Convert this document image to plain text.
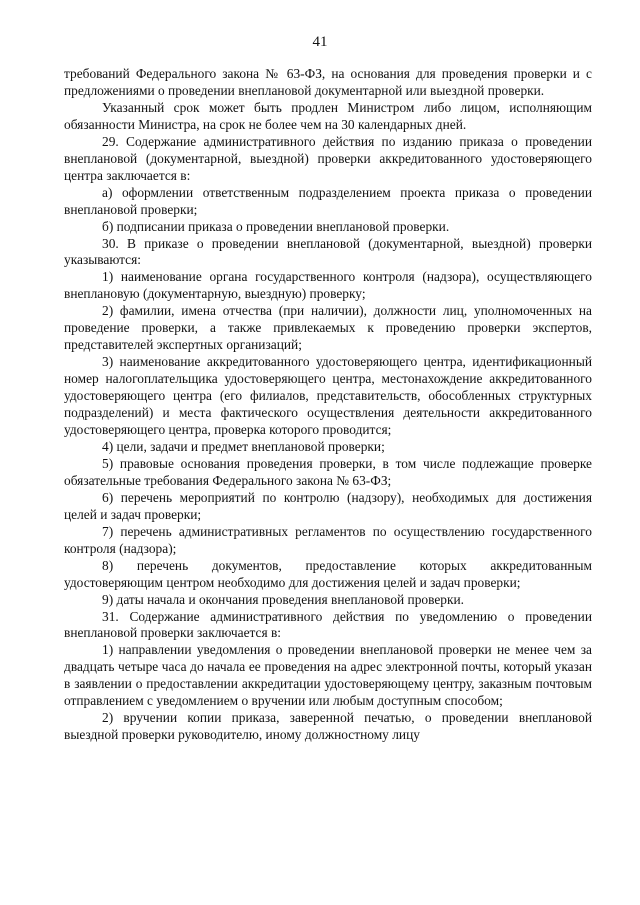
41

требований Федерального закона № 63-ФЗ, на основания для проведения проверки и с предложениями о проведении внеплановой документарной или выездной проверки.

Указанный срок может быть продлен Министром либо лицом, исполняющим обязанности Министра, на срок не более чем на 30 календарных дней.

29. Содержание административного действия по изданию приказа о проведении внеплановой (документарной, выездной) проверки аккредитованного удостоверяющего центра заключается в:

а) оформлении ответственным подразделением проекта приказа о проведении внеплановой проверки;

б) подписании приказа о проведении внеплановой проверки.

30. В приказе о проведении внеплановой (документарной, выездной) проверки указываются:

1) наименование органа государственного контроля (надзора), осуществляющего внеплановую (документарную, выездную) проверку;

2) фамилии, имена отчества (при наличии), должности лиц, уполномоченных на проведение проверки, а также привлекаемых к проведению проверки экспертов, представителей экспертных организаций;

3) наименование аккредитованного удостоверяющего центра, идентификационный номер налогоплательщика удостоверяющего центра, местонахождение аккредитованного удостоверяющего центра (его филиалов, представительств, обособленных структурных подразделений) и места фактического осуществления деятельности аккредитованного удостоверяющего центра, проверка которого проводится;

4) цели, задачи и предмет внеплановой проверки;

5) правовые основания проведения проверки, в том числе подлежащие проверке обязательные требования Федерального закона № 63-ФЗ;

6) перечень мероприятий по контролю (надзору), необходимых для достижения целей и задач проверки;

7) перечень административных регламентов по осуществлению государственного контроля (надзора);

8) перечень документов, предоставление которых аккредитованным удостоверяющим центром необходимо для достижения целей и задач проверки;

9) даты начала и окончания проведения внеплановой проверки.

31. Содержание административного действия по уведомлению о проведении внеплановой проверки заключается в:

1) направлении уведомления о проведении внеплановой проверки не менее чем за двадцать четыре часа до начала ее проведения на адрес электронной почты, который указан в заявлении о предоставлении аккредитации удостоверяющему центру, заказным почтовым отправлением с уведомлением о вручении или любым доступным способом;

2) вручении копии приказа, заверенной печатью, о проведении внеплановой выездной проверки руководителю, иному должностному лицу
